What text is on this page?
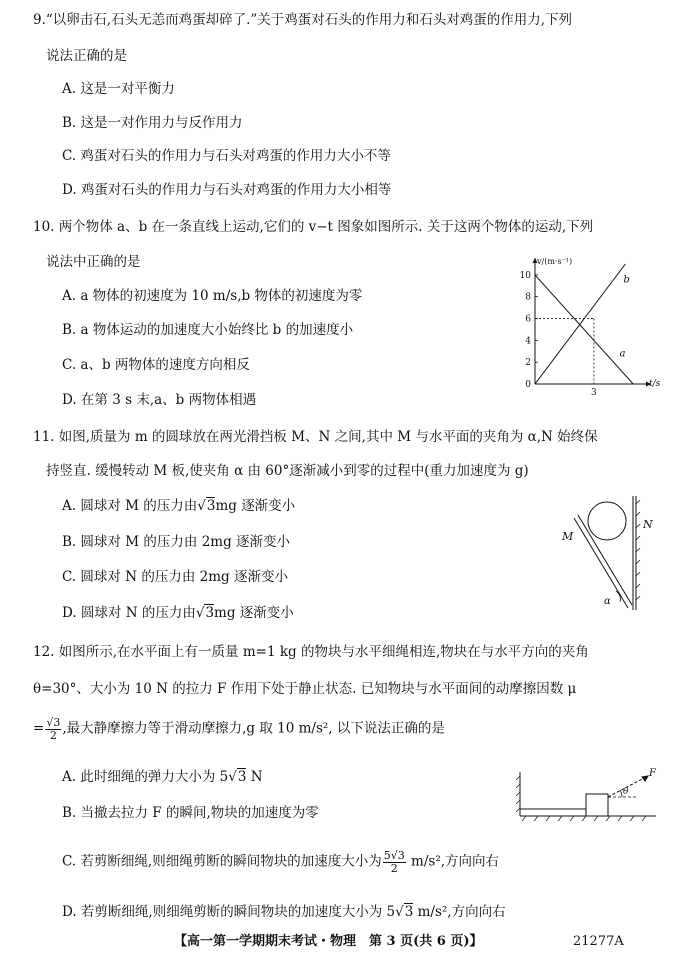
9.“以卵击石,石头无恙而鸡蛋却碎了.”关于鸡蛋对石头的作用力和石头对鸡蛋的作用力,下列
说法正确的是
A. 这是一对平衡力
B. 这是一对作用力与反作用力
C. 鸡蛋对石头的作用力与石头对鸡蛋的作用力大小不等
D. 鸡蛋对石头的作用力与石头对鸡蛋的作用力大小相等
10. 两个物体 a、b 在一条直线上运动,它们的 v−t 图象如图所示. 关于这两个物体的运动,下列
说法中正确的是
A. a 物体的初速度为 10 m/s,b 物体的初速度为零
B. a 物体运动的加速度大小始终比 b 的加速度小
C. a、b 两物体的速度方向相反
D. 在第 3 s 末,a、b 两物体相遇
v/(m·s⁻¹)
t/s
0
2
4
6
8
10
3
a
b
11. 如图,质量为 m 的圆球放在两光滑挡板 M、N 之间,其中 M 与水平面的夹角为 α,N 始终保
持竖直. 缓慢转动 M 板,使夹角 α 由 60°逐渐减小到零的过程中(重力加速度为 g)
A. 圆球对 M 的压力由√3mg 逐渐变小
B. 圆球对 M 的压力由 2mg 逐渐变小
C. 圆球对 N 的压力由 2mg 逐渐变小
D. 圆球对 N 的压力由√3mg 逐渐变小
M
N
α
12. 如图所示,在水平面上有一质量 m=1 kg 的物块与水平细绳相连,物块在与水平方向的夹角
θ=30°、大小为 10 N 的拉力 F 作用下处于静止状态. 已知物块与水平面间的动摩擦因数 μ
= $\frac{√3}{2}$ ,最大静摩擦力等于滑动摩擦力,g 取 10 m/s², 以下说法正确的是
A. 此时细绳的弹力大小为 5√3 N
B. 当撤去拉力 F 的瞬间,物块的加速度为零
C. 若剪断细绳,则细绳剪断的瞬间物块的加速度大小为 $\frac{5√3}{2} m/s^2$,方向向右
D. 若剪断细绳,则细绳剪断的瞬间物块的加速度大小为 5√3 m/s²,方向向右
F
θ
【高一第一学期期末考试・物理　第 3 页(共 6 页)】	21277A
